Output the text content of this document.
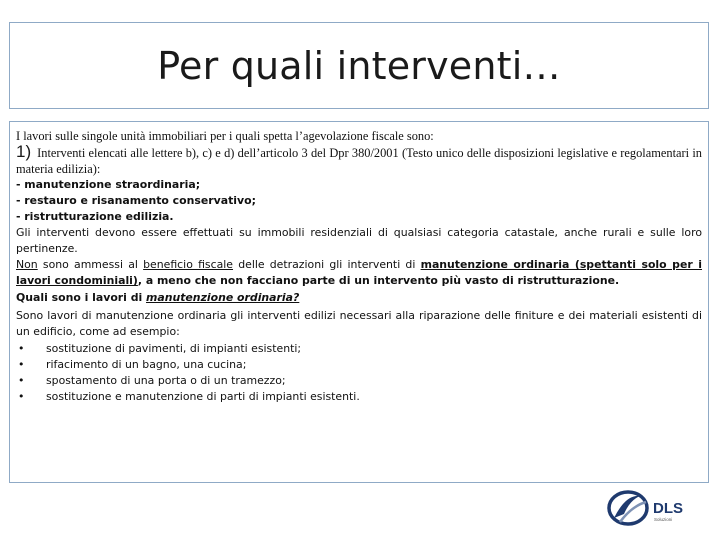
Per quali interventi…

I lavori sulle singole unità immobiliari per i quali spetta l’agevolazione fiscale sono:

1) Interventi elencati alle lettere b), c) e d) dell’articolo 3 del Dpr 380/2001 (Testo unico delle disposizioni legislative e regolamentari in materia edilizia):

- manutenzione straordinaria;

- restauro e risanamento conservativo;

- ristrutturazione edilizia.

Gli interventi devono essere effettuati su immobili residenziali di qualsiasi categoria catastale, anche rurali e sulle loro pertinenze.

Non sono ammessi al beneficio fiscale delle detrazioni gli interventi di manutenzione ordinaria (spettanti solo per i lavori condominiali), a meno che non facciano parte di un intervento più vasto di ristrutturazione.

Quali sono i lavori di manutenzione ordinaria?

Sono lavori di manutenzione ordinaria gli interventi edilizi necessari alla riparazione delle finiture e dei materiali esistenti di un edificio, come ad esempio:

• sostituzione di pavimenti, di impianti esistenti;
• rifacimento di un bagno, una cucina;
• spostamento di una porta o di un tramezzo;
• sostituzione e manutenzione di parti di impianti esistenti.
DLS
Soluzioni
